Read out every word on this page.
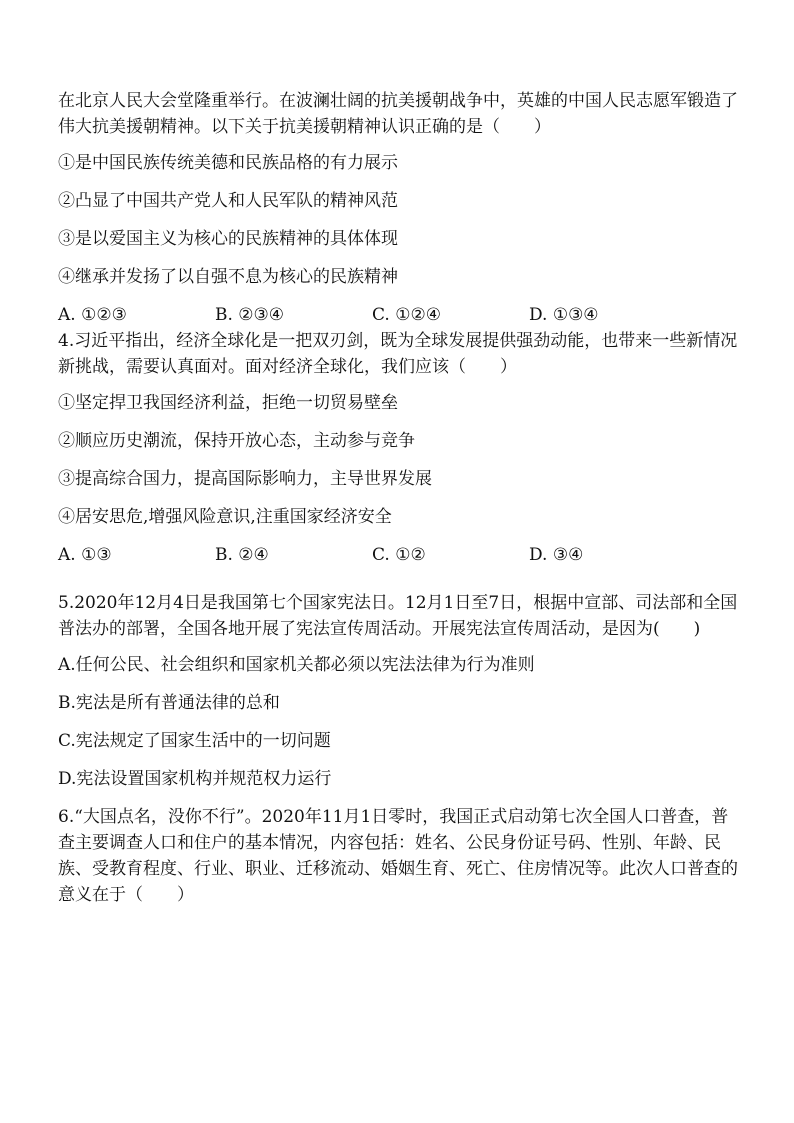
在北京人民大会堂隆重举行。在波澜壮阔的抗美援朝战争中，英雄的中国人民志愿军锻造了伟大抗美援朝精神。以下关于抗美援朝精神认识正确的是（　　）

①是中国民族传统美德和民族品格的有力展示

②凸显了中国共产党人和人民军队的精神风范

③是以爱国主义为核心的民族精神的具体体现

④继承并发扬了以自强不息为核心的民族精神

A. ①②③	B. ②③④	C. ①②④	D. ①③④

4.习近平指出，经济全球化是一把双刃剑，既为全球发展提供强劲动能，也带来一些新情况新挑战，需要认真面对。面对经济全球化，我们应该（　　）

①坚定捍卫我国经济利益，拒绝一切贸易壁垒

②顺应历史潮流，保持开放心态，主动参与竞争

③提高综合国力，提高国际影响力，主导世界发展

④居安思危,增强风险意识,注重国家经济安全

A. ①③	B. ②④	C. ①②	D. ③④

5.2020年12月4日是我国第七个国家宪法日。12月1日至7日，根据中宣部、司法部和全国普法办的部署，全国各地开展了宪法宣传周活动。开展宪法宣传周活动，是因为(　　)

A.任何公民、社会组织和国家机关都必须以宪法法律为行为准则

B.宪法是所有普通法律的总和

C.宪法规定了国家生活中的一切问题

D.宪法设置国家机构并规范权力运行

6.“大国点名，没你不行”。2020年11月1日零时，我国正式启动第七次全国人口普查，普查主要调查人口和住户的基本情况，内容包括：姓名、公民身份证号码、性别、年龄、民族、受教育程度、行业、职业、迁移流动、婚姻生育、死亡、住房情况等。此次人口普查的意义在于（　　）
